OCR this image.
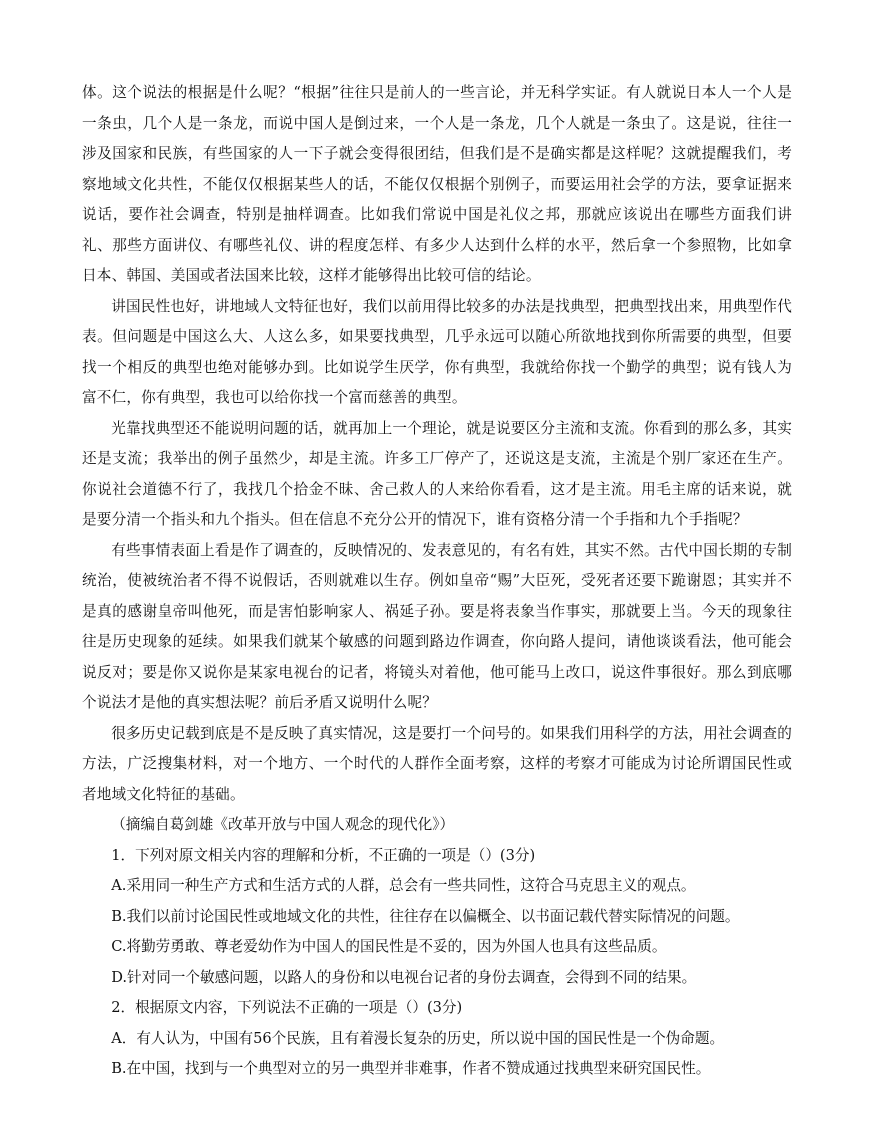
体。这个说法的根据是什么呢？“根据”往往只是前人的一些言论，并无科学实证。有人就说日本人一个人是一条虫，几个人是一条龙，而说中国人是倒过来，一个人是一条龙，几个人就是一条虫了。这是说，往往一涉及国家和民族，有些国家的人一下子就会变得很团结，但我们是不是确实都是这样呢？这就提醒我们，考察地域文化共性，不能仅仅根据某些人的话，不能仅仅根据个别例子，而要运用社会学的方法，要拿证据来说话，要作社会调查，特别是抽样调查。比如我们常说中国是礼仪之邦，那就应该说出在哪些方面我们讲礼、那些方面讲仪、有哪些礼仪、讲的程度怎样、有多少人达到什么样的水平，然后拿一个参照物，比如拿日本、韩国、美国或者法国来比较，这样才能够得出比较可信的结论。

讲国民性也好，讲地域人文特征也好，我们以前用得比较多的办法是找典型，把典型找出来，用典型作代表。但问题是中国这么大、人这么多，如果要找典型，几乎永远可以随心所欲地找到你所需要的典型，但要找一个相反的典型也绝对能够办到。比如说学生厌学，你有典型，我就给你找一个勤学的典型；说有钱人为富不仁，你有典型，我也可以给你找一个富而慈善的典型。

光靠找典型还不能说明问题的话，就再加上一个理论，就是说要区分主流和支流。你看到的那么多，其实还是支流；我举出的例子虽然少，却是主流。许多工厂停产了，还说这是支流，主流是个别厂家还在生产。你说社会道德不行了，我找几个拾金不昧、舍己救人的人来给你看看，这才是主流。用毛主席的话来说，就是要分清一个指头和九个指头。但在信息不充分公开的情况下，谁有资格分清一个手指和九个手指呢？

有些事情表面上看是作了调查的，反映情况的、发表意见的，有名有姓，其实不然。古代中国长期的专制统治，使被统治者不得不说假话，否则就难以生存。例如皇帝“赐”大臣死，受死者还要下跪谢恩；其实并不是真的感谢皇帝叫他死，而是害怕影响家人、祸延子孙。要是将表象当作事实，那就要上当。今天的现象往往是历史现象的延续。如果我们就某个敏感的问题到路边作调查，你向路人提问，请他谈谈看法，他可能会说反对；要是你又说你是某家电视台的记者，将镜头对着他，他可能马上改口，说这件事很好。那么到底哪个说法才是他的真实想法呢？前后矛盾又说明什么呢？

很多历史记载到底是不是反映了真实情况，这是要打一个问号的。如果我们用科学的方法，用社会调查的方法，广泛搜集材料，对一个地方、一个时代的人群作全面考察，这样的考察才可能成为讨论所谓国民性或者地域文化特征的基础。

（摘编自葛剑雄《改革开放与中国人观念的现代化》）

1．下列对原文相关内容的理解和分析，不正确的一项是（）(3分)

A.采用同一种生产方式和生活方式的人群，总会有一些共同性，这符合马克思主义的观点。

B.我们以前讨论国民性或地域文化的共性，往往存在以偏概全、以书面记载代替实际情况的问题。

C.将勤劳勇敢、尊老爱幼作为中国人的国民性是不妥的，因为外国人也具有这些品质。

D.针对同一个敏感问题，以路人的身份和以电视台记者的身份去调查，会得到不同的结果。

2．根据原文内容，下列说法不正确的一项是（）(3分)

A．有人认为，中国有56个民族，且有着漫长复杂的历史，所以说中国的国民性是一个伪命题。

B.在中国，找到与一个典型对立的另一典型并非难事，作者不赞成通过找典型来研究国民性。
